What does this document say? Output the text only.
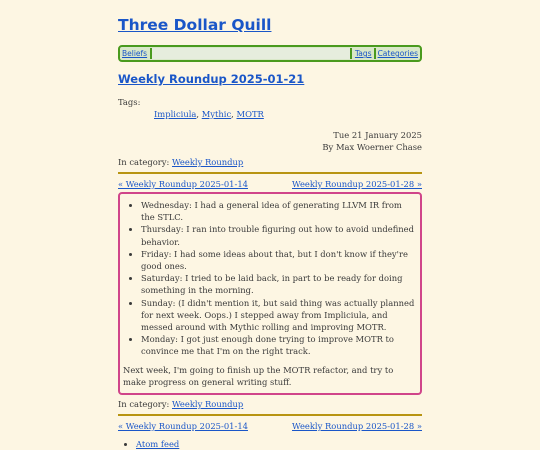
Three Dollar Quill
Beliefs	Tags Categories
Weekly Roundup 2025-01-21
Tags:
Impliciula, Mythic, MOTR
Tue 21 January 2025
By Max Woerner Chase
In category: Weekly Roundup
« Weekly Roundup 2025-01-14	Weekly Roundup 2025-01-28 »
• Wednesday: I had a general idea of generating LLVM IR from the STLC.
• Thursday: I ran into trouble figuring out how to avoid undefined behavior.
• Friday: I had some ideas about that, but I don't know if they're good ones.
• Saturday: I tried to be laid back, in part to be ready for doing something in the morning.
• Sunday: (I didn't mention it, but said thing was actually planned for next week. Oops.) I stepped away from Impliciula, and messed around with Mythic rolling and improving MOTR.
• Monday: I got just enough done trying to improve MOTR to convince me that I'm on the right track.

Next week, I'm going to finish up the MOTR refactor, and try to make progress on general writing stuff.

In category: Weekly Roundup
« Weekly Roundup 2025-01-14	Weekly Roundup 2025-01-28 »
• Atom feed
